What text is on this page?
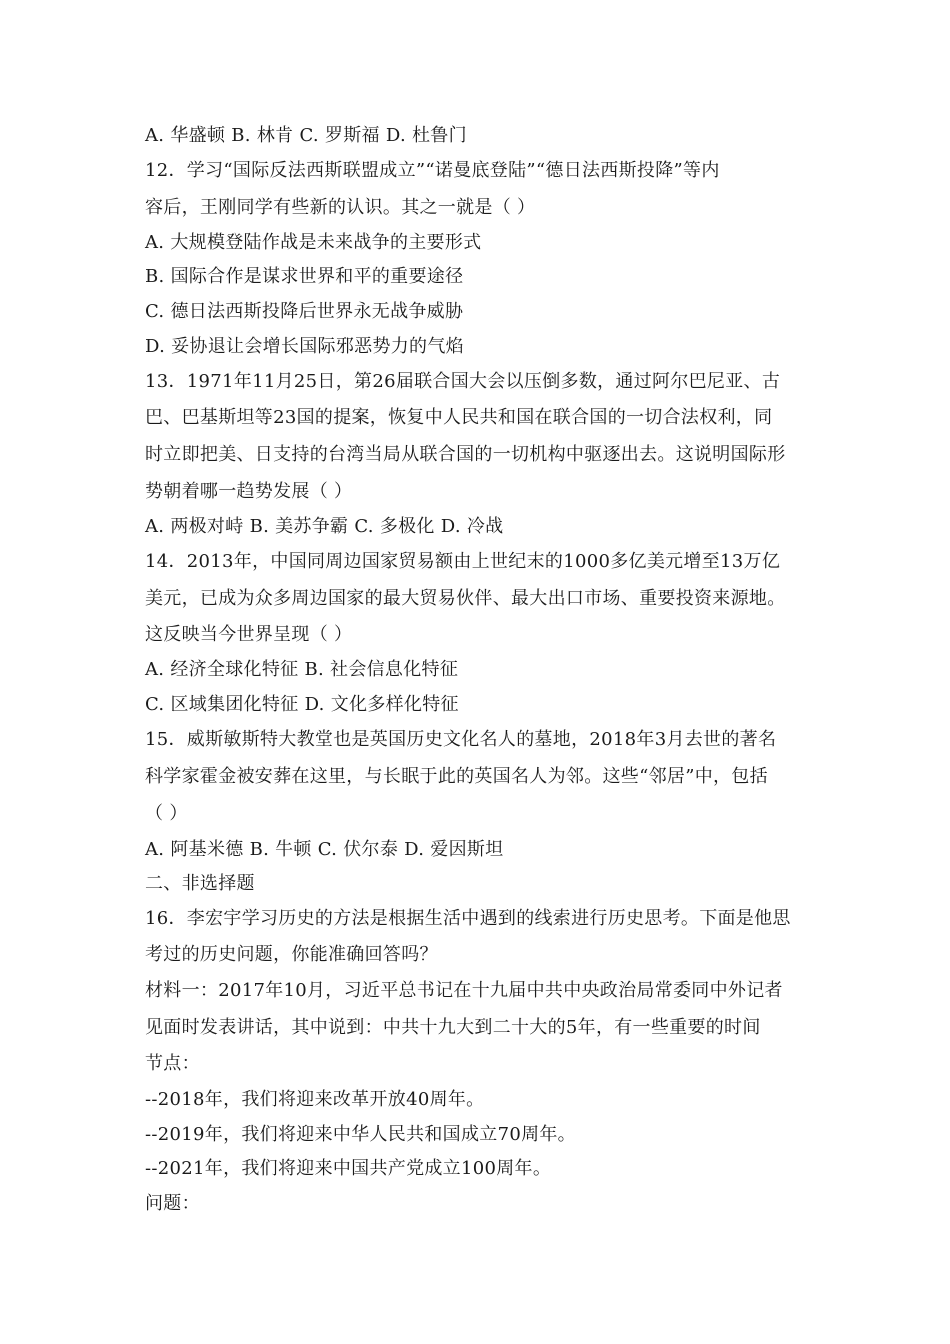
A. 华盛顿 B. 林肯 C. 罗斯福 D. 杜鲁门
12．学习“国际反法西斯联盟成立”“诺曼底登陆”“德日法西斯投降”等内
容后，王刚同学有些新的认识。其之一就是（ ）
A. 大规模登陆作战是未来战争的主要形式
B. 国际合作是谋求世界和平的重要途径
C. 德日法西斯投降后世界永无战争威胁
D. 妥协退让会增长国际邪恶势力的气焰
13．1971年11月25日，第26届联合国大会以压倒多数，通过阿尔巴尼亚、古
巴、巴基斯坦等23国的提案，恢复中人民共和国在联合国的一切合法权利，同
时立即把美、日支持的台湾当局从联合国的一切机构中驱逐出去。这说明国际形
势朝着哪一趋势发展（ ）
A. 两极对峙 B. 美苏争霸 C. 多极化 D. 冷战
14．2013年，中国同周边国家贸易额由上世纪末的1000多亿美元增至13万亿
美元，已成为众多周边国家的最大贸易伙伴、最大出口市场、重要投资来源地。
这反映当今世界呈现（ ）
A. 经济全球化特征 B. 社会信息化特征
C. 区域集团化特征 D. 文化多样化特征
15．威斯敏斯特大教堂也是英国历史文化名人的墓地，2018年3月去世的著名
科学家霍金被安葬在这里，与长眠于此的英国名人为邻。这些“邻居”中，包括
（ ）
A. 阿基米德 B. 牛顿 C. 伏尔泰 D. 爱因斯坦
二、非选择题
16．李宏宇学习历史的方法是根据生活中遇到的线索进行历史思考。下面是他思
考过的历史问题，你能准确回答吗？
材料一：2017年10月，习近平总书记在十九届中共中央政治局常委同中外记者
见面时发表讲话，其中说到：中共十九大到二十大的5年，有一些重要的时间
节点：
--2018年，我们将迎来改革开放40周年。
--2019年，我们将迎来中华人民共和国成立70周年。
--2021年，我们将迎来中国共产党成立100周年。
问题：
